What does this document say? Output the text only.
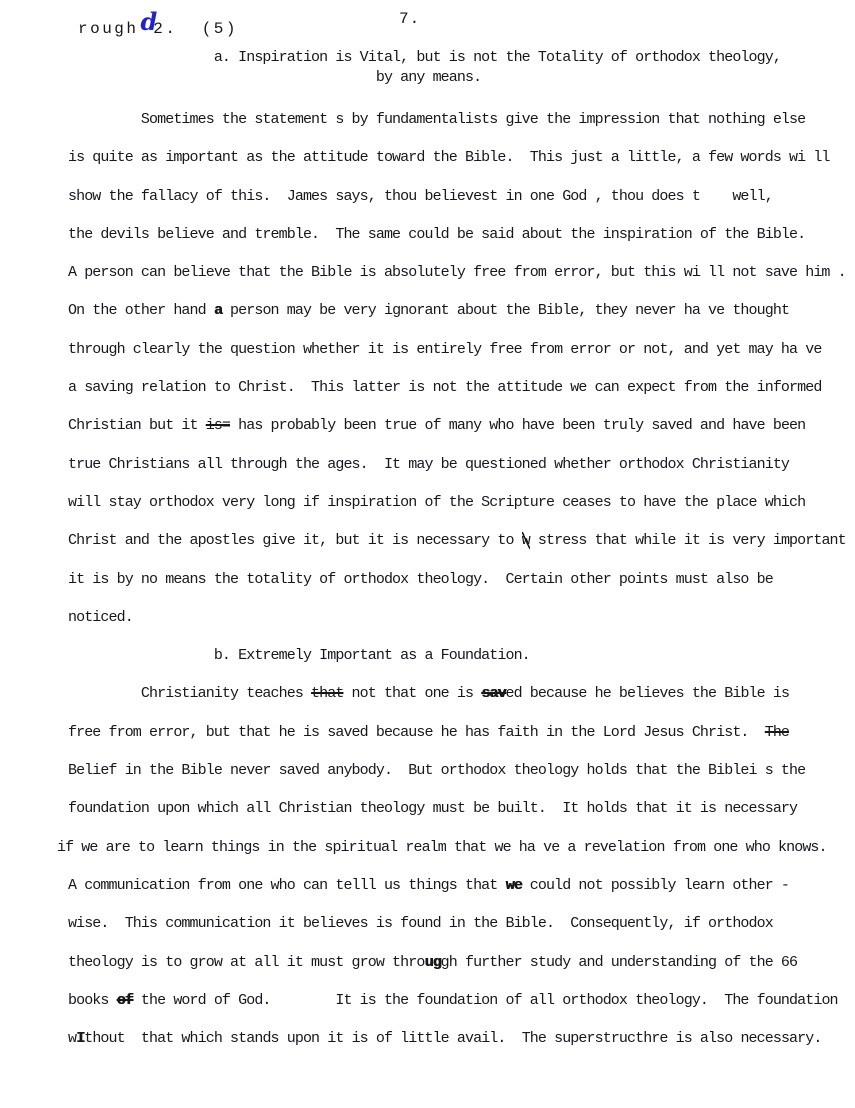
roughd2.  (5)
7.
a. Inspiration is Vital, but is not the Totality of orthodox theology,
by any means.
Sometimes the statement s by fundamentalists give the impression that nothing else
is quite as important as the attitude toward the Bible.  This just a little, a few words wi ll
show the fallacy of this.  James says, thou believest in one God , thou does t    well,
the devils believe and tremble.  The same could be said about the inspiration of the Bible.
A person can believe that the Bible is absolutely free from error, but this wi ll not save him .
On the other hand a person may be very ignorant about the Bible, they never ha ve thought
through clearly the question whether it is entirely free from error or not, and yet may ha ve
a saving relation to Christ.  This latter is not the attitude we can expect from the informed
Christian but it is= has probably been true of many who have been truly saved and have been
true Christians all through the ages.  It may be questioned whether orthodox Christianity
will stay orthodox very long if inspiration of the Scripture ceases to have the place which
Christ and the apostles give it, but it is necessary to w stress that while it is very important
it is by no means the totality of orthodox theology.  Certain other points must also be
noticed.
b. Extremely Important as a Foundation.
Christianity teaches that not that one is saved because he believes the Bible is
free from error, but that he is saved because he has faith in the Lord Jesus Christ.  The
Belief in the Bible never saved anybody.  But orthodox theology holds that the Biblei s the
foundation upon which all Christian theology must be built.  It holds that it is necessary
if we are to learn things in the spiritual realm that we ha ve a revelation from one who knows.
A communication from one who can telll us things that we could not possibly learn other -
wise.  This communication it believes is found in the Bible.  Consequently, if orthodox
theology is to grow at all it must grow througgh further study and understanding of the 66
books of the word of God.        It is the foundation of all orthodox theology.  The foundation
wIthout  that which stands upon it is of little avail.  The superstructhre is also necessary.
